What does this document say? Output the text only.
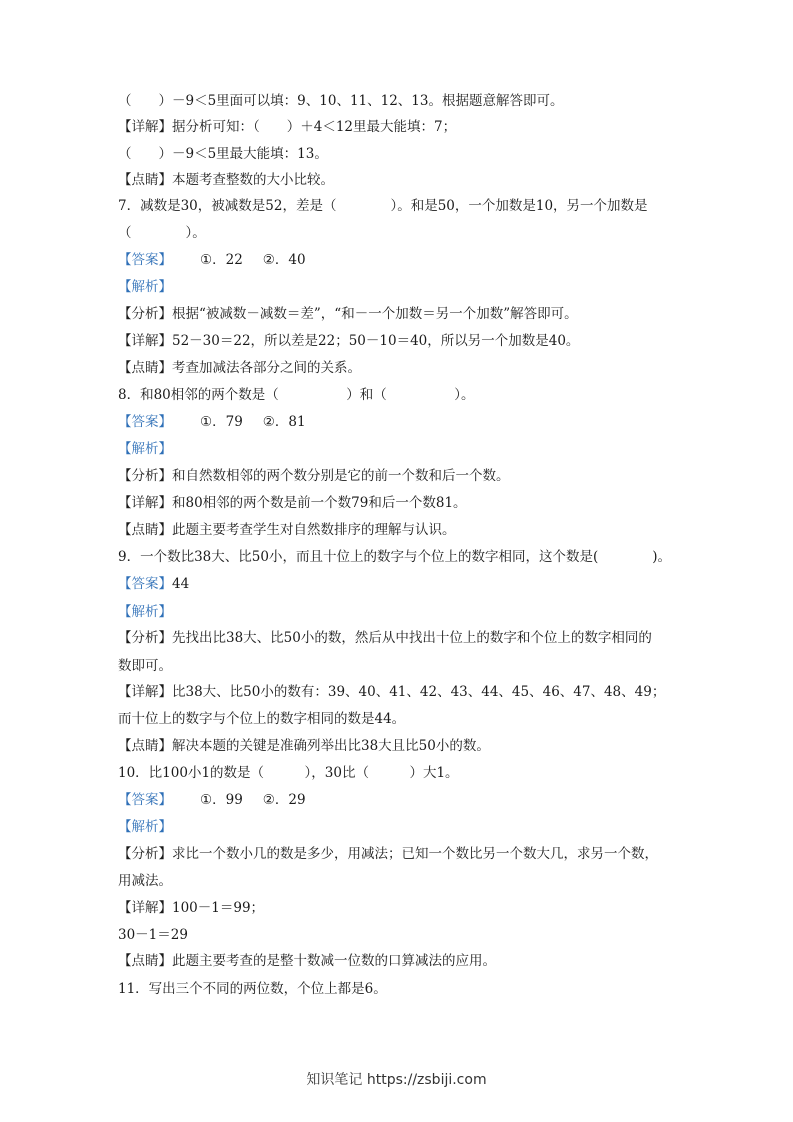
（　　）－9＜5里面可以填：9、10、11、12、13。根据题意解答即可。
【详解】据分析可知：（　　）＋4＜12里最大能填：7；
（　　）－9＜5里最大能填：13。
【点睛】本题考查整数的大小比较。
7．减数是30，被减数是52，差是（　　　　）。和是50，一个加数是10，另一个加数是
（　　　　）。
【答案】 ①．22 ②．40
【解析】
【分析】根据“被减数－减数＝差”，“和－一个加数＝另一个加数”解答即可。
【详解】52－30＝22，所以差是22；50－10＝40，所以另一个加数是40。
【点睛】考查加减法各部分之间的关系。
8．和80相邻的两个数是（　　　　　）和（　　　　　）。
【答案】 ①．79 ②．81
【解析】
【分析】和自然数相邻的两个数分别是它的前一个数和后一个数。
【详解】和80相邻的两个数是前一个数79和后一个数81。
【点睛】此题主要考查学生对自然数排序的理解与认识。
9．一个数比38大、比50小，而且十位上的数字与个位上的数字相同，这个数是(　　　　)。
【答案】44
【解析】
【分析】先找出比38大、比50小的数，然后从中找出十位上的数字和个位上的数字相同的
数即可。
【详解】比38大、比50小的数有：39、40、41、42、43、44、45、46、47、48、49；
而十位上的数字与个位上的数字相同的数是44。
【点睛】解决本题的关键是准确列举出比38大且比50小的数。
10．比100小1的数是（　　　），30比（　　　）大1。
【答案】 ①．99 ②．29
【解析】
【分析】求比一个数小几的数是多少，用减法；已知一个数比另一个数大几，求另一个数，
用减法。
【详解】100－1＝99；
30－1＝29
【点睛】此题主要考查的是整十数减一位数的口算减法的应用。
11．写出三个不同的两位数，个位上都是6。
知识笔记 https://zsbiji.com
